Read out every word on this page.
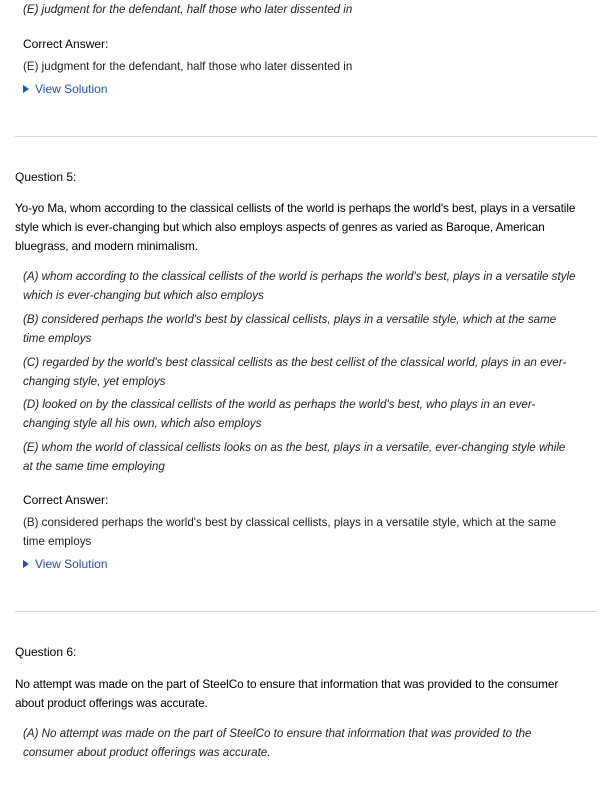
(E) judgment for the defendant, half those who later dissented in
Correct Answer:
(E) judgment for the defendant, half those who later dissented in
View Solution
Question 5:
Yo-yo Ma, whom according to the classical cellists of the world is perhaps the world's best, plays in a versatile
style which is ever-changing but which also employs aspects of genres as varied as Baroque, American
bluegrass, and modern minimalism.
(A) whom according to the classical cellists of the world is perhaps the world's best, plays in a versatile style
which is ever-changing but which also employs
(B) considered perhaps the world's best by classical cellists, plays in a versatile style, which at the same
time employs
(C) regarded by the world's best classical cellists as the best cellist of the classical world, plays in an ever-
changing style, yet employs
(D) looked on by the classical cellists of the world as perhaps the world's best, who plays in an ever-
changing style all his own, which also employs
(E) whom the world of classical cellists looks on as the best, plays in a versatile, ever-changing style while
at the same time employing
Correct Answer:
(B) considered perhaps the world's best by classical cellists, plays in a versatile style, which at the same
time employs
View Solution
Question 6:
No attempt was made on the part of SteelCo to ensure that information that was provided to the consumer
about product offerings was accurate.
(A) No attempt was made on the part of SteelCo to ensure that information that was provided to the
consumer about product offerings was accurate.
